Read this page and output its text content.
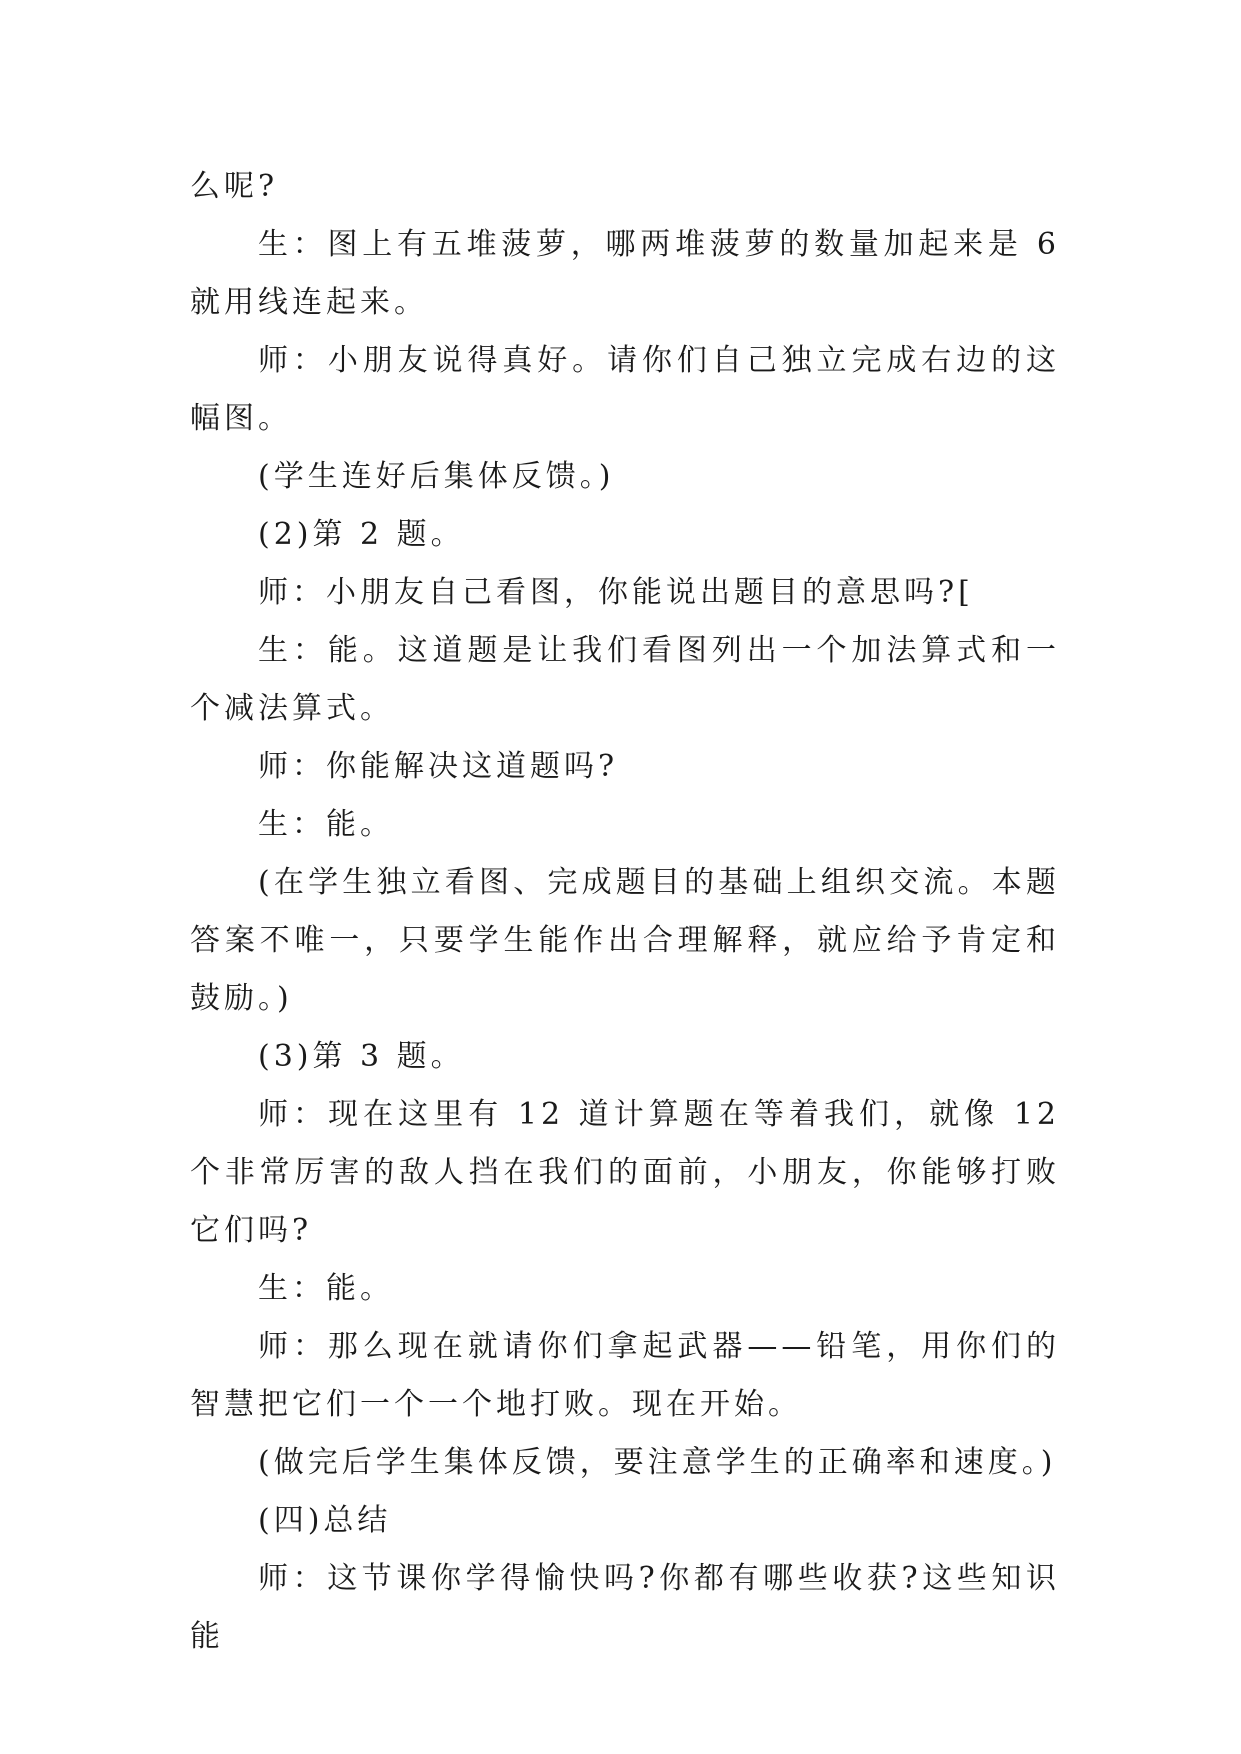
么呢?

生：图上有五堆菠萝，哪两堆菠萝的数量加起来是 6 就用线连起来。

师：小朋友说得真好。请你们自己独立完成右边的这幅图。

(学生连好后集体反馈。)

(2)第 2 题。

师：小朋友自己看图，你能说出题目的意思吗?[

生：能。这道题是让我们看图列出一个加法算式和一个减法算式。

师：你能解决这道题吗?

生：能。

(在学生独立看图、完成题目的基础上组织交流。本题答案不唯一，只要学生能作出合理解释，就应给予肯定和鼓励。)

(3)第 3 题。

师：现在这里有 12 道计算题在等着我们，就像 12 个非常厉害的敌人挡在我们的面前，小朋友，你能够打败它们吗?

生：能。

师：那么现在就请你们拿起武器——铅笔，用你们的智慧把它们一个一个地打败。现在开始。

(做完后学生集体反馈，要注意学生的正确率和速度。)

(四)总结

师：这节课你学得愉快吗?你都有哪些收获?这些知识能
